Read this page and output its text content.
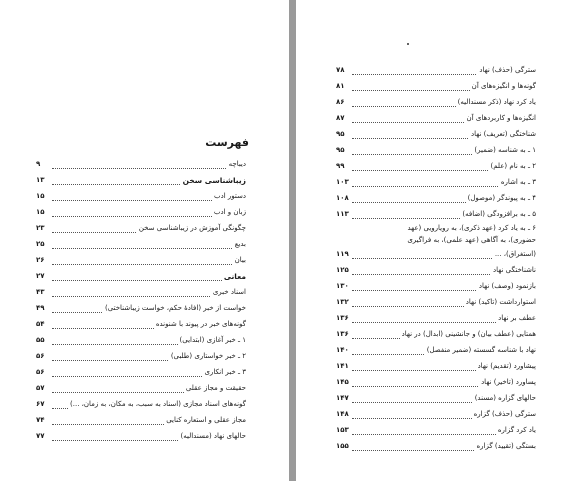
فهرست
دیباچه
۹
زیباشناسی سخن
۱۳
دستور ادب
۱۵
زبان و ادب
۱۵
چگونگی آموزش در زیباشناسی سخن
۲۳
بدیع
۲۵
بیان
۲۶
معانی
۲۷
اسناد خبری
۴۳
خواست از خبر (افادهٔ حکم، خواست زیباشناختی)
۴۹
گونه‌های خبر در پیوند با شنونده
۵۴
۱ ـ خبر آغازی (ابتدایی)
۵۵
۲ ـ خبر خواستاری (طلبی)
۵۶
۳ ـ خبر انکاری
۵۶
حقیقت و مجاز عقلی
۵۷
گونه‌های اسناد مجازی (اسناد به سبب، به مکان، به زمان، ...)
۶۷
مجاز عقلی و استعاره کنایی
۷۴
حالهای نهاد (مسندالیه)
۷۷
سترگی (حذف) نهاد
۷۸
گونه‌ها و انگیزه‌های آن
۸۱
یاد کرد نهاد (ذکر مسندالیه)
۸۶
انگیزه‌ها و کاربردهای آن
۸۷
شناختگی (تعریف) نهاد
۹۵
۱ ـ به شناسه (ضمیر)
۹۵
۲ ـ به نام (علم)
۹۹
۳ ـ به اشاره
۱۰۳
۴ ـ به پیوندگر (موصول)
۱۰۸
۵ ـ به برافزودگی (اضافه)
۱۱۳
۶ ـ به یاد کرد (عهد ذکری)، به رویارویی (عهد
حضوری)، به آگاهی (عهد علمی)، به فراگیری
(استغراق)، ...
۱۱۹
ناشناختگی نهاد
۱۲۵
بازنمود (وصف) نهاد
۱۳۰
استوارداشت (تاکید) نهاد
۱۳۲
عطف بر نهاد
۱۳۶
همتایی (عطف بیان) و جانشینی (ابدال) در نهاد
۱۳۶
نهاد با شناسه گسسته (ضمیر منفصل)
۱۴۰
پیشاورد (تقدیم) نهاد
۱۴۱
پساورد (تاخیر) نهاد
۱۴۵
حالهای گزاره (مسند)
۱۴۷
سترگی (حذف) گزاره
۱۴۸
یاد کرد گزاره
۱۵۳
بستگی (تقیید) گزاره
۱۵۵
